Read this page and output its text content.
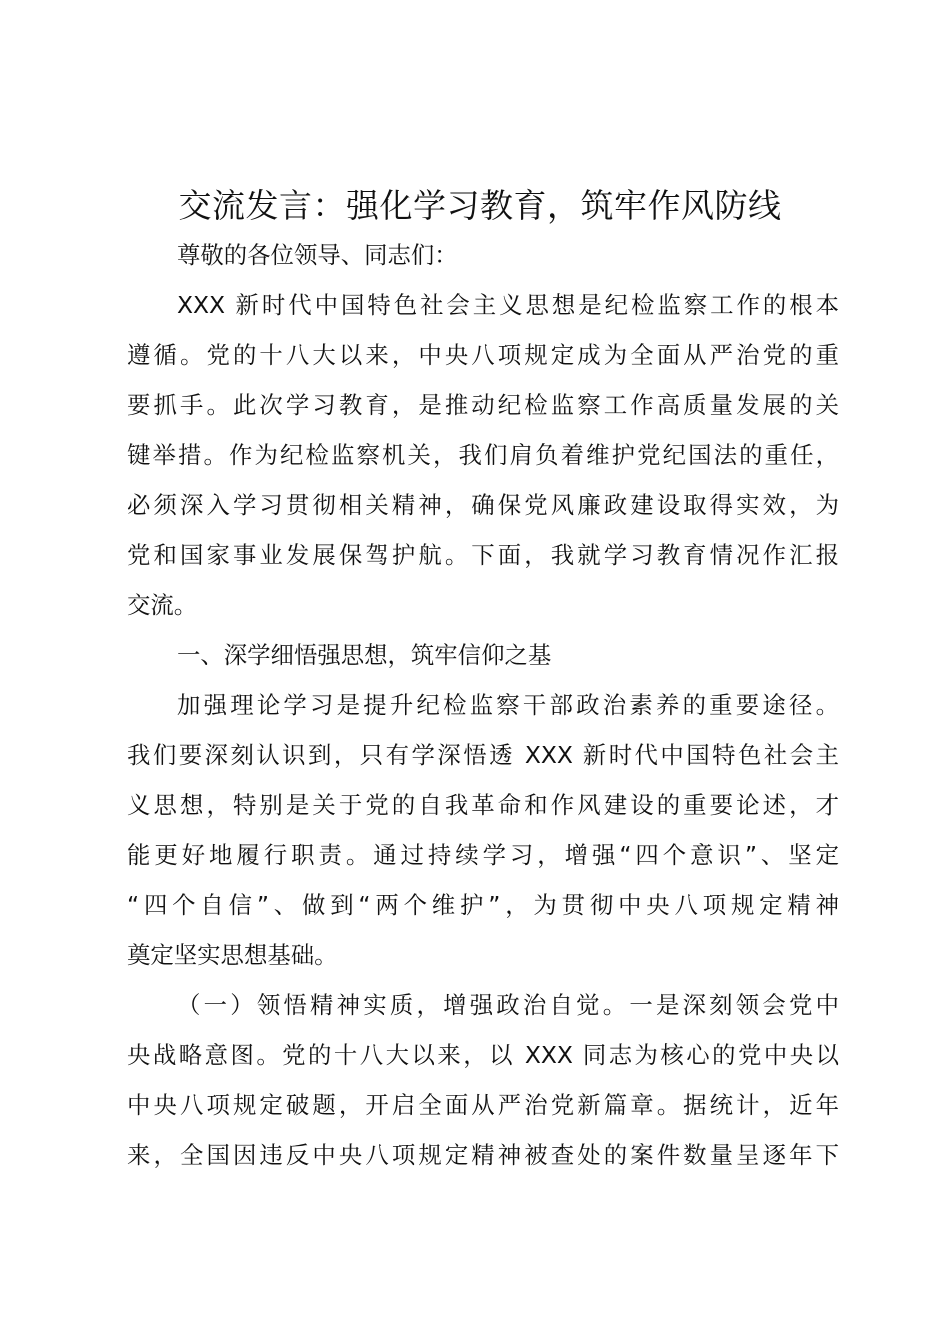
交流发言：强化学习教育，筑牢作风防线

尊敬的各位领导、同志们：

XXX 新时代中国特色社会主义思想是纪检监察工作的根本

遵循。党的十八大以来，中央八项规定成为全面从严治党的重

要抓手。此次学习教育，是推动纪检监察工作高质量发展的关

键举措。作为纪检监察机关，我们肩负着维护党纪国法的重任，

必须深入学习贯彻相关精神，确保党风廉政建设取得实效，为

党和国家事业发展保驾护航。下面，我就学习教育情况作汇报

交流。

一、深学细悟强思想，筑牢信仰之基

加强理论学习是提升纪检监察干部政治素养的重要途径。

我们要深刻认识到，只有学深悟透 XXX 新时代中国特色社会主

义思想，特别是关于党的自我革命和作风建设的重要论述，才

能更好地履行职责。通过持续学习，增强“四个意识”、坚定

“四个自信”、做到“两个维护”，为贯彻中央八项规定精神

奠定坚实思想基础。

（一）领悟精神实质，增强政治自觉。一是深刻领会党中

央战略意图。党的十八大以来，以 XXX 同志为核心的党中央以

中央八项规定破题，开启全面从严治党新篇章。据统计，近年

来，全国因违反中央八项规定精神被查处的案件数量呈逐年下
